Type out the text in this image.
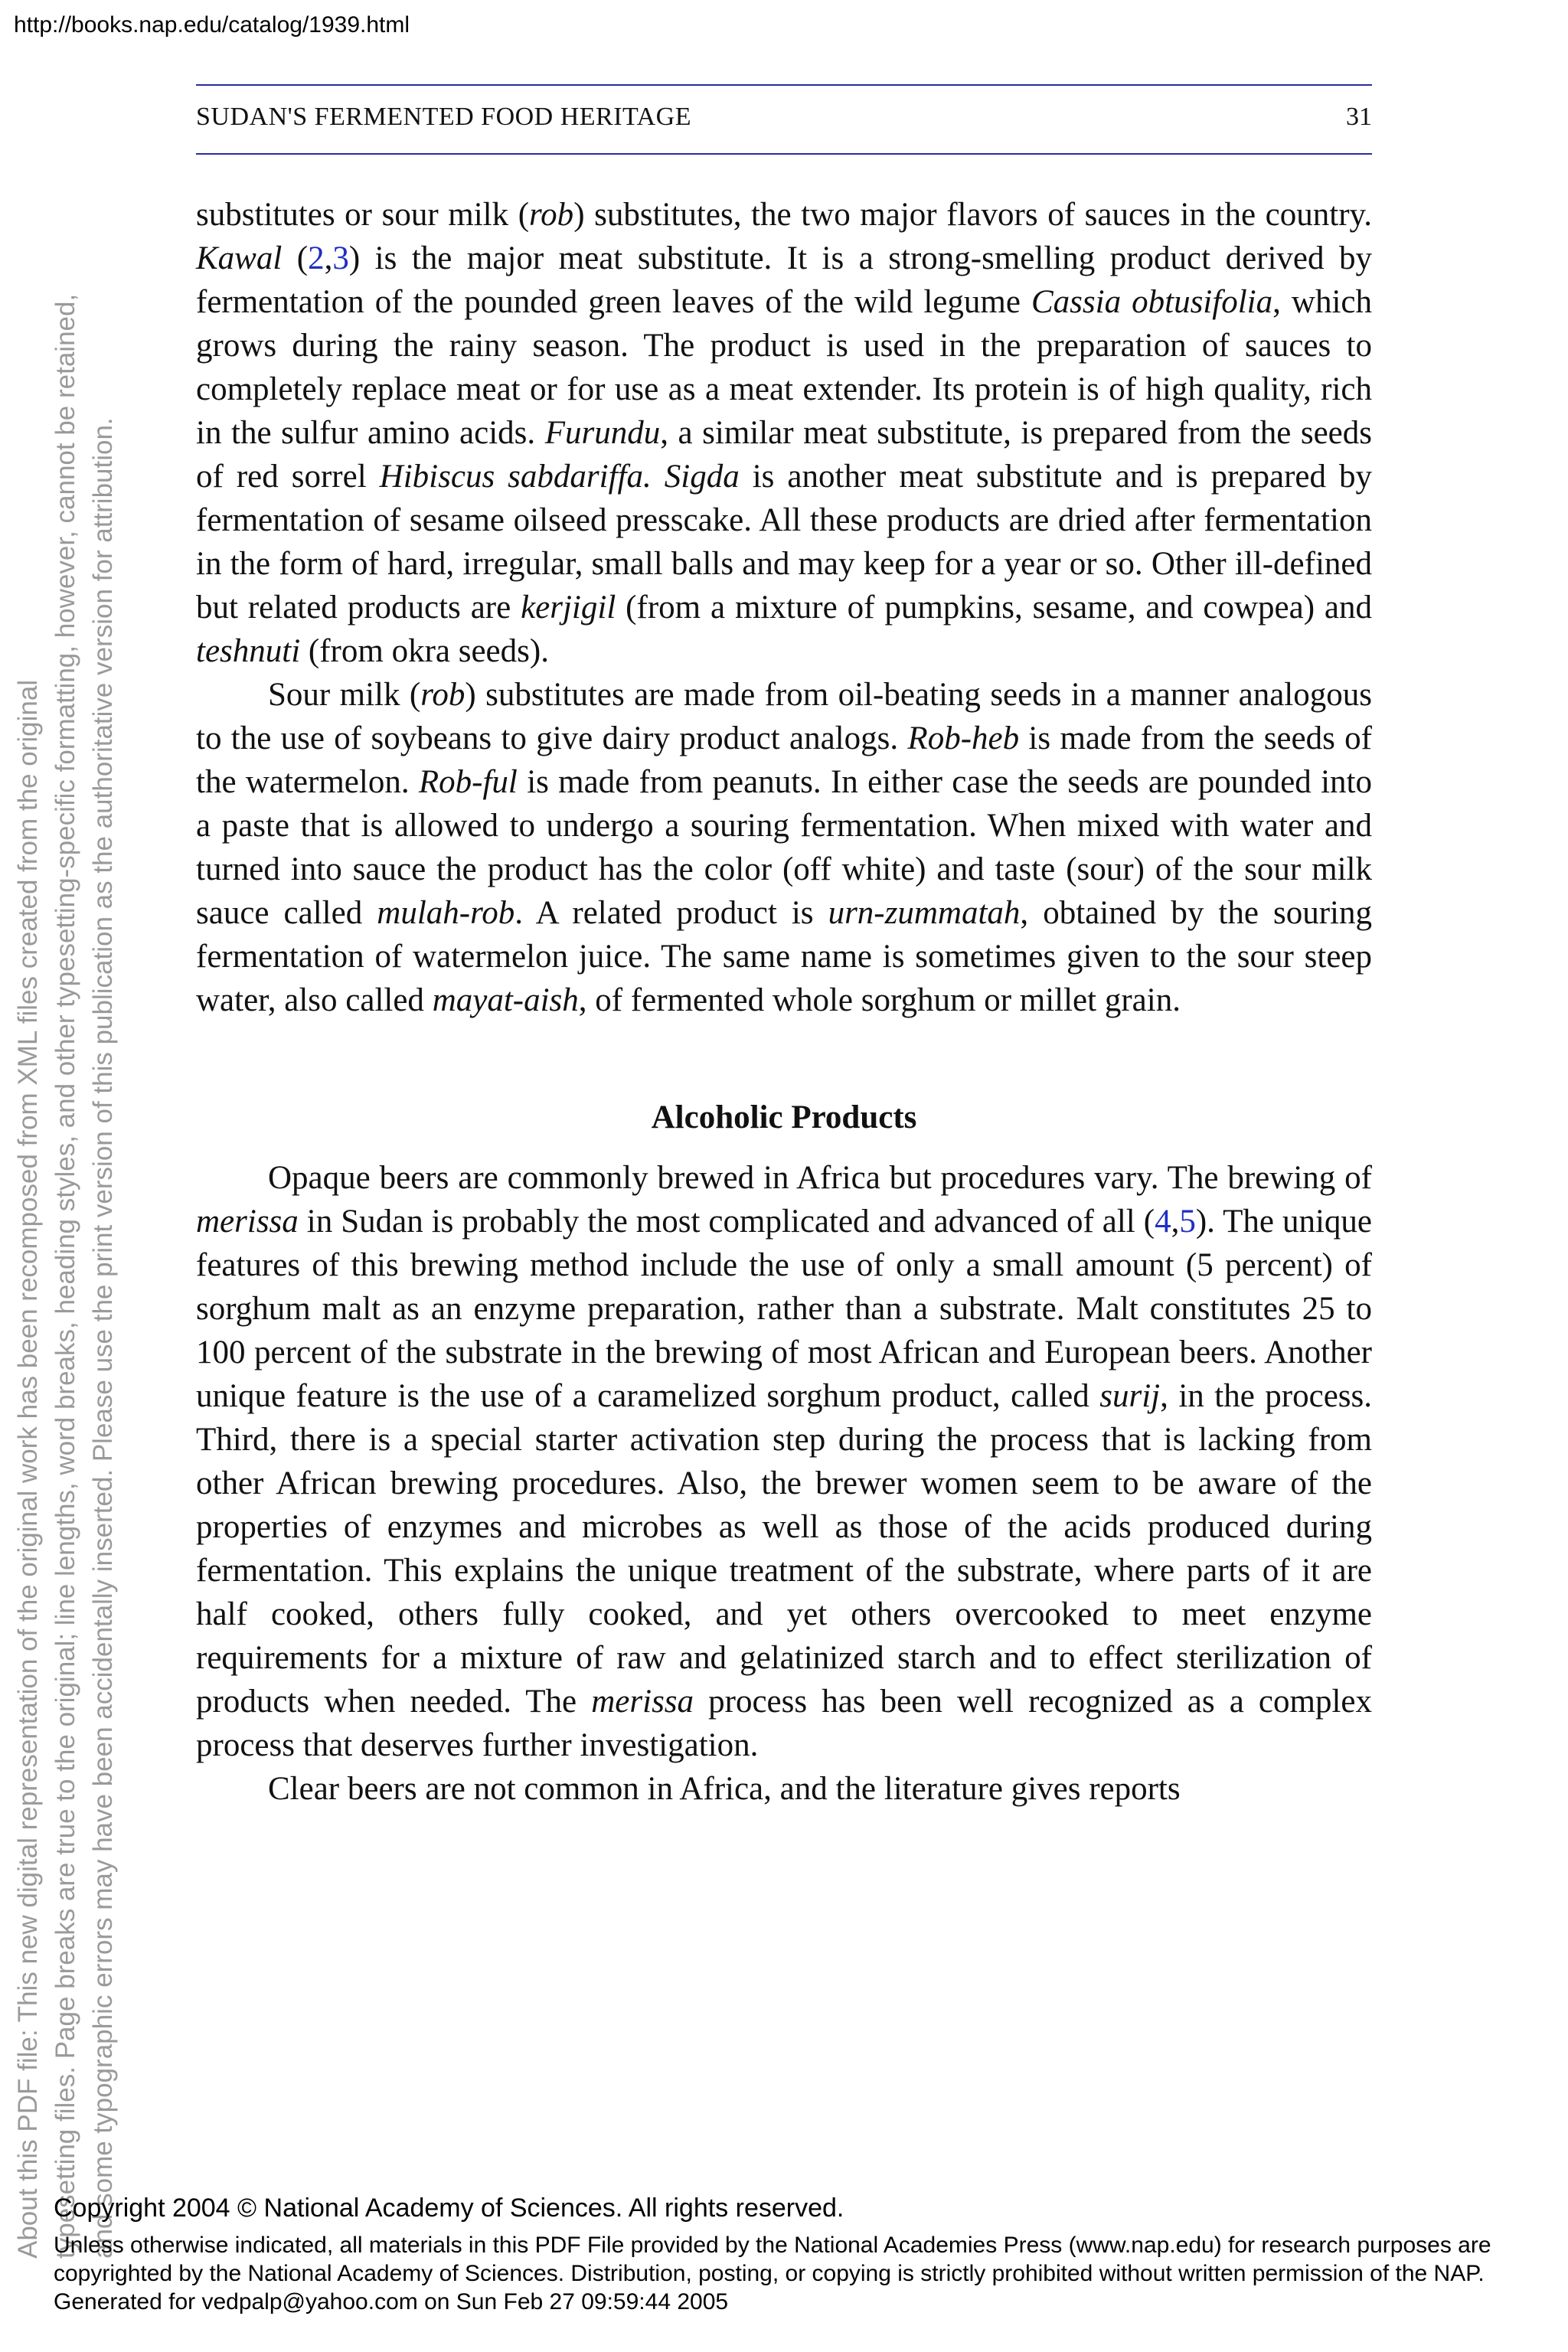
http://books.nap.edu/catalog/1939.html
About this PDF file: This new digital representation of the original work has been recomposed from XML files created from the original typesetting files. Page breaks are true to the original; line lengths, word breaks, heading styles, and other typesetting-specific formatting, however, cannot be retained, and some typographic errors may have been accidentally inserted. Please use the print version of this publication as the authoritative version for attribution.
SUDAN'S FERMENTED FOOD HERITAGE	31

substitutes or sour milk (rob) substitutes, the two major flavors of sauces in the country. Kawal (2,3) is the major meat substitute. It is a strong-smelling product derived by fermentation of the pounded green leaves of the wild legume Cassia obtusifolia, which grows during the rainy season. The product is used in the preparation of sauces to completely replace meat or for use as a meat extender. Its protein is of high quality, rich in the sulfur amino acids. Furundu, a similar meat substitute, is prepared from the seeds of red sorrel Hibiscus sabdariffa. Sigda is another meat substitute and is prepared by fermentation of sesame oilseed presscake. All these products are dried after fermentation in the form of hard, irregular, small balls and may keep for a year or so. Other ill-defined but related products are kerjigil (from a mixture of pumpkins, sesame, and cowpea) and teshnuti (from okra seeds).

Sour milk (rob) substitutes are made from oil-beating seeds in a manner analogous to the use of soybeans to give dairy product analogs. Rob-heb is made from the seeds of the watermelon. Rob-ful is made from peanuts. In either case the seeds are pounded into a paste that is allowed to undergo a souring fermentation. When mixed with water and turned into sauce the product has the color (off white) and taste (sour) of the sour milk sauce called mulah-rob. A related product is urn-zummatah, obtained by the souring fermentation of watermelon juice. The same name is sometimes given to the sour steep water, also called mayat-aish, of fermented whole sorghum or millet grain.

Alcoholic Products

Opaque beers are commonly brewed in Africa but procedures vary. The brewing of merissa in Sudan is probably the most complicated and advanced of all (4,5). The unique features of this brewing method include the use of only a small amount (5 percent) of sorghum malt as an enzyme preparation, rather than a substrate. Malt constitutes 25 to 100 percent of the substrate in the brewing of most African and European beers. Another unique feature is the use of a caramelized sorghum product, called surij, in the process. Third, there is a special starter activation step during the process that is lacking from other African brewing procedures. Also, the brewer women seem to be aware of the properties of enzymes and microbes as well as those of the acids produced during fermentation. This explains the unique treatment of the substrate, where parts of it are half cooked, others fully cooked, and yet others overcooked to meet enzyme requirements for a mixture of raw and gelatinized starch and to effect sterilization of products when needed. The merissa process has been well recognized as a complex process that deserves further investigation.

Clear beers are not common in Africa, and the literature gives reports

Copyright 2004 © National Academy of Sciences. All rights reserved.
Unless otherwise indicated, all materials in this PDF File provided by the National Academies Press (www.nap.edu) for research purposes are copyrighted by the National Academy of Sciences. Distribution, posting, or copying is strictly prohibited without written permission of the NAP.
Generated for vedpalp@yahoo.com on Sun Feb 27 09:59:44 2005
